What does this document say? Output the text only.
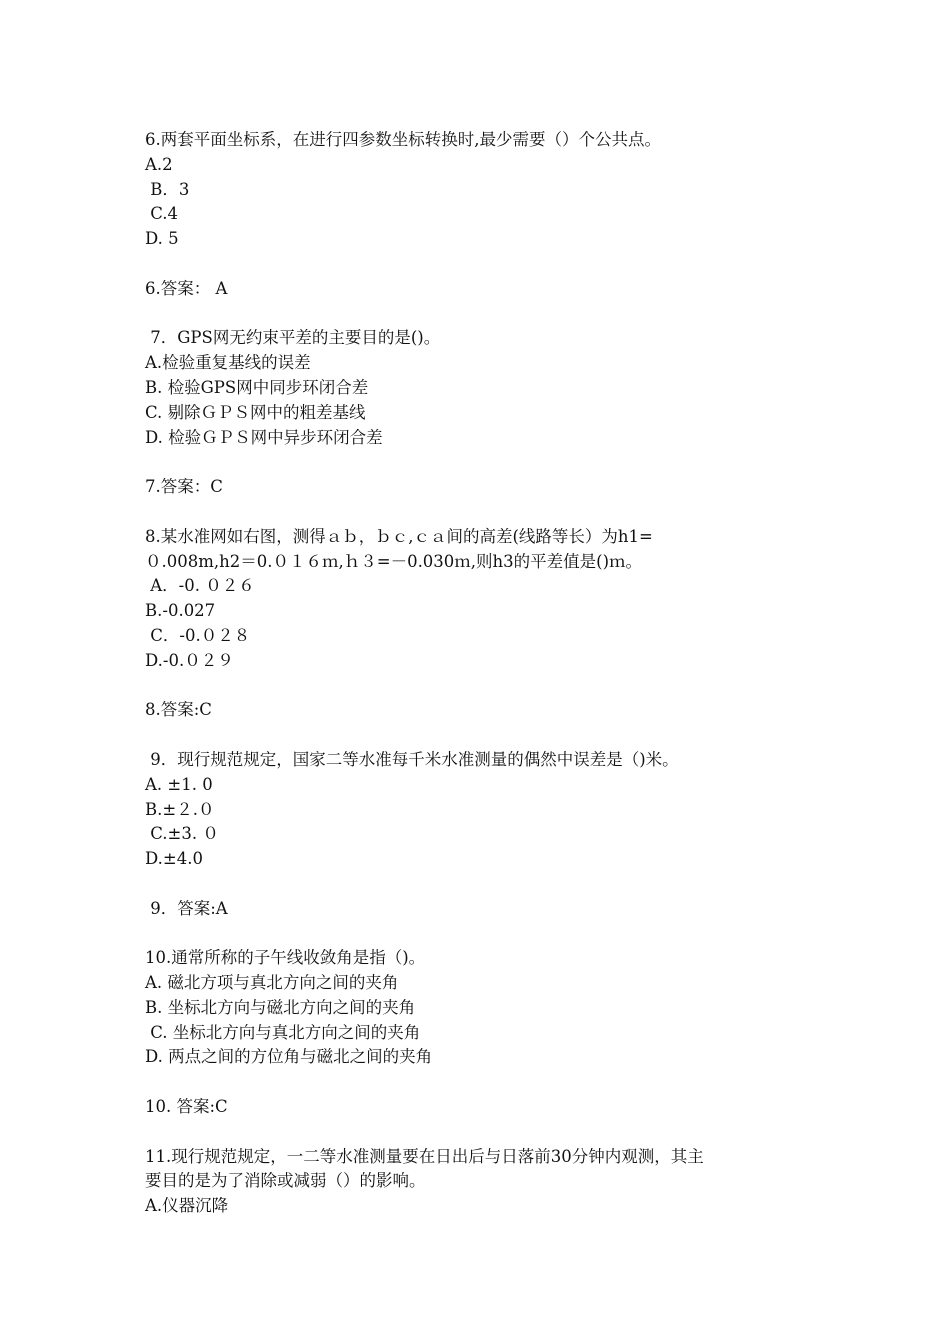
6.两套平面坐标系，在进行四参数坐标转换时,最少需要（）个公共点。

A.2

B．3

C.4

D. 5

6.答案： A

7．GPS网无约束平差的主要目的是()。

A.检验重复基线的误差

B. 检验GPS网中同步环闭合差

C. 剔除ＧＰＳ网中的粗差基线

D. 检验ＧＰＳ网中异步环闭合差

7.答案：C

8.某水准网如右图，测得ａｂ，ｂｃ,ｃａ间的高差(线路等长）为h1=

０.008m,h2＝0.０１６ｍ,ｈ３=－0.030ｍ,则h3的平差值是()ｍ。

A．-0. ０２６

B.-0.027

C．-0.０２８

D.-0.０２９

8.答案:C

9．现行规范规定，国家二等水准每千米水准测量的偶然中误差是（)米。

A. ±1. 0

B.±２.０

C.±3. ０

D.±4.0

9．答案:A

10.通常所称的子午线收敛角是指（)。

A. 磁北方项与真北方向之间的夹角

B. 坐标北方向与磁北方向之间的夹角

C. 坐标北方向与真北方向之间的夹角

D. 两点之间的方位角与磁北之间的夹角

10. 答案:C

11.现行规范规定，一二等水准测量要在日出后与日落前30分钟内观测，其主

要目的是为了消除或减弱（）的影响。

A.仪器沉降
